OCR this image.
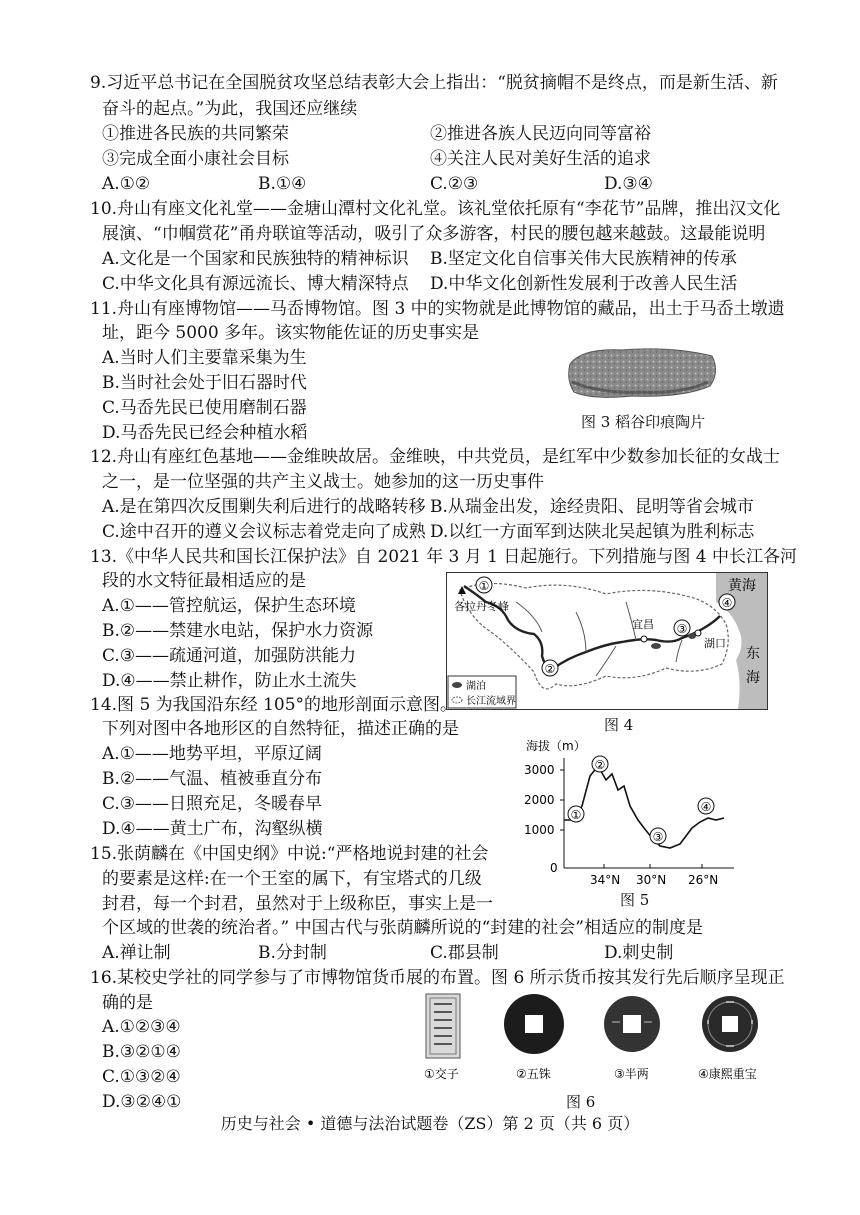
9.习近平总书记在全国脱贫攻坚总结表彰大会上指出：“脱贫摘帽不是终点，而是新生活、新
奋斗的起点。”为此，我国还应继续
①推进各民族的共同繁荣	②推进各族人民迈向同等富裕
③完成全面小康社会目标	④关注人民对美好生活的追求
A.①②	B.①④	C.②③	D.③④
10.舟山有座文化礼堂——金塘山潭村文化礼堂。该礼堂依托原有“李花节”品牌，推出汉文化
展演、“巾帼赏花”甬舟联谊等活动，吸引了众多游客，村民的腰包越来越鼓。这最能说明
A.文化是一个国家和民族独特的精神标识 B.坚定文化自信事关伟大民族精神的传承
C.中华文化具有源远流长、博大精深特点 D.中华文化创新性发展利于改善人民生活
11.舟山有座博物馆——马岙博物馆。图 3 中的实物就是此博物馆的藏品，出土于马岙土墩遗
址，距今 5000 多年。该实物能佐证的历史事实是
A.当时人们主要靠采集为生
B.当时社会处于旧石器时代
C.马岙先民已使用磨制石器
D.马岙先民已经会种植水稻
图 3 稻谷印痕陶片
12.舟山有座红色基地——金维映故居。金维映，中共党员，是红军中少数参加长征的女战士
之一，是一位坚强的共产主义战士。她参加的这一历史事件
A.是在第四次反围剿失利后进行的战略转移 B.从瑞金出发，途经贵阳、昆明等省会城市
C.途中召开的遵义会议标志着党走向了成熟 D.以红一方面军到达陕北吴起镇为胜利标志
13.《中华人民共和国长江保护法》自 2021 年 3 月 1 日起施行。下列措施与图 4 中长江各河
段的水文特征最相适应的是
A.①——管控航运，保护生态环境
B.②——禁建水电站，保护水力资源
C.③——疏通河道，加强防洪能力
D.④——禁止耕作，防止水土流失
①
②
③
④
各拉丹冬峰
宜昌
湖口
黄海
东
海
湖泊
长江流域界
图 4
14.图 5 为我国沿东经 105°的地形剖面示意图。
下列对图中各地形区的自然特征，描述正确的是
A.①——地势平坦，平原辽阔
B.②——气温、植被垂直分布
C.③——日照充足，冬暖春早
D.④——黄土广布，沟壑纵横
海拔（m）
3000
2000
1000
0
34°N 30°N 26°N
①
②
③
④
图 5
15.张荫麟在《中国史纲》中说:“严格地说封建的社会
的要素是这样:在一个王室的属下，有宝塔式的几级
封君，每一个封君，虽然对于上级称臣，事实上是一
个区域的世袭的统治者。” 中国古代与张荫麟所说的“封建的社会”相适应的制度是
A.禅让制	B.分封制	C.郡县制	D.刺史制
16.某校史学社的同学参与了市博物馆货币展的布置。图 6 所示货币按其发行先后顺序呈现正
确的是
A.①②③④
B.③②①④
C.①③②④
D.③②④①
①交子	②五铢	③半两	④康熙重宝
图 6
历史与社会 • 道德与法治试题卷（ZS）第 2 页（共 6 页）
